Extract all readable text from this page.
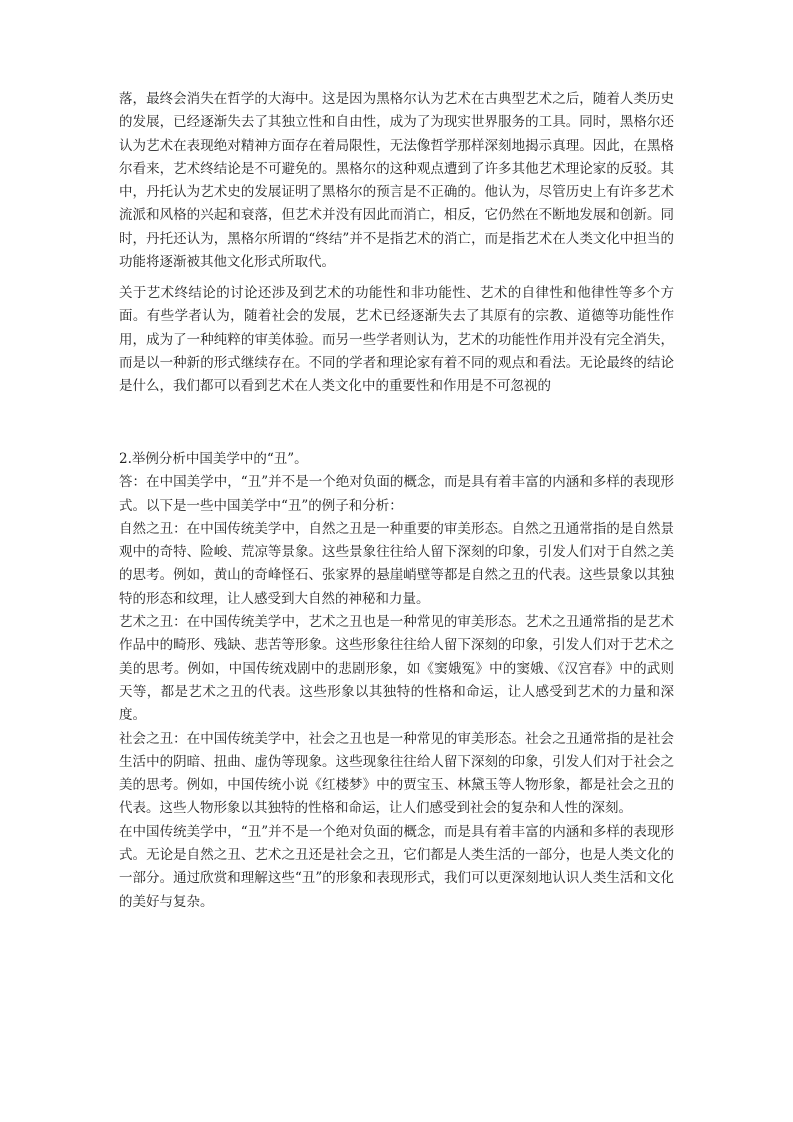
落，最终会消失在哲学的大海中。这是因为黑格尔认为艺术在古典型艺术之后，随着人类历史的发展，已经逐渐失去了其独立性和自由性，成为了为现实世界服务的工具。同时，黑格尔还认为艺术在表现绝对精神方面存在着局限性，无法像哲学那样深刻地揭示真理。因此，在黑格尔看来，艺术终结论是不可避免的。黑格尔的这种观点遭到了许多其他艺术理论家的反驳。其中，丹托认为艺术史的发展证明了黑格尔的预言是不正确的。他认为，尽管历史上有许多艺术流派和风格的兴起和衰落，但艺术并没有因此而消亡，相反，它仍然在不断地发展和创新。同时，丹托还认为，黑格尔所谓的“终结”并不是指艺术的消亡，而是指艺术在人类文化中担当的功能将逐渐被其他文化形式所取代。

关于艺术终结论的讨论还涉及到艺术的功能性和非功能性、艺术的自律性和他律性等多个方面。有些学者认为，随着社会的发展，艺术已经逐渐失去了其原有的宗教、道德等功能性作用，成为了一种纯粹的审美体验。而另一些学者则认为，艺术的功能性作用并没有完全消失，而是以一种新的形式继续存在。不同的学者和理论家有着不同的观点和看法。无论最终的结论是什么，我们都可以看到艺术在人类文化中的重要性和作用是不可忽视的

2.举例分析中国美学中的“丑”。

答：在中国美学中，“丑”并不是一个绝对负面的概念，而是具有着丰富的内涵和多样的表现形式。以下是一些中国美学中“丑”的例子和分析：

自然之丑：在中国传统美学中，自然之丑是一种重要的审美形态。自然之丑通常指的是自然景观中的奇特、险峻、荒凉等景象。这些景象往往给人留下深刻的印象，引发人们对于自然之美的思考。例如，黄山的奇峰怪石、张家界的悬崖峭壁等都是自然之丑的代表。这些景象以其独特的形态和纹理，让人感受到大自然的神秘和力量。

艺术之丑：在中国传统美学中，艺术之丑也是一种常见的审美形态。艺术之丑通常指的是艺术作品中的畸形、残缺、悲苦等形象。这些形象往往给人留下深刻的印象，引发人们对于艺术之美的思考。例如，中国传统戏剧中的悲剧形象，如《窦娥冤》中的窦娥、《汉宫春》中的武则天等，都是艺术之丑的代表。这些形象以其独特的性格和命运，让人感受到艺术的力量和深度。

社会之丑：在中国传统美学中，社会之丑也是一种常见的审美形态。社会之丑通常指的是社会生活中的阴暗、扭曲、虚伪等现象。这些现象往往给人留下深刻的印象，引发人们对于社会之美的思考。例如，中国传统小说《红楼梦》中的贾宝玉、林黛玉等人物形象，都是社会之丑的代表。这些人物形象以其独特的性格和命运，让人们感受到社会的复杂和人性的深刻。

在中国传统美学中，“丑”并不是一个绝对负面的概念，而是具有着丰富的内涵和多样的表现形式。无论是自然之丑、艺术之丑还是社会之丑，它们都是人类生活的一部分，也是人类文化的一部分。通过欣赏和理解这些“丑”的形象和表现形式，我们可以更深刻地认识人类生活和文化的美好与复杂。
